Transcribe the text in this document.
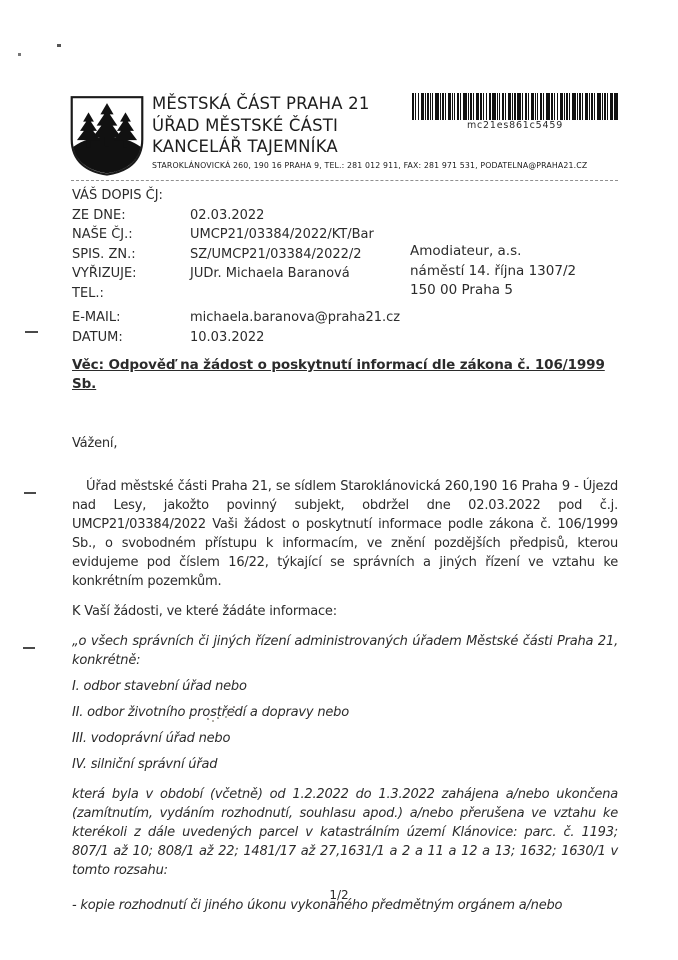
MĚSTSKÁ ČÁST PRAHA 21
ÚŘAD MĚSTSKÉ ČÁSTI
KANCELÁŘ TAJEMNÍKA
STAROKLÁNOVICKÁ 260, 190 16 PRAHA 9, TEL.: 281 012 911, FAX: 281 971 531, PODATELNA@PRAHA21.CZ
mc21es861c5459
VÁŠ DOPIS ČJ:
ZE DNE:	02.03.2022
NAŠE ČJ.:	UMCP21/03384/2022/KT/Bar
SPIS. ZN.:	SZ/UMCP21/03384/2022/2
VYŘIZUJE:	JUDr. Michaela Baranová
TEL.:
E-MAIL:	michaela.baranova@praha21.cz
DATUM:	10.03.2022
Amodiateur, a.s.
náměstí 14. října 1307/2
150 00 Praha 5
Věc: Odpověď na žádost o poskytnutí informací dle zákona č. 106/1999 Sb.
Vážení,
Úřad městské části Praha 21, se sídlem Staroklánovická 260,190 16 Praha 9 - Újezd nad Lesy, jakožto povinný subjekt, obdržel dne 02.03.2022 pod č.j. UMCP21/03384/2022 Vaši žádost o poskytnutí informace podle zákona č. 106/1999 Sb., o svobodném přístupu k informacím, ve znění pozdějších předpisů, kterou evidujeme pod číslem 16/22, týkající se správních a jiných řízení ve vztahu ke konkrétním pozemkům.
K Vaší žádosti, ve které žádáte informace:
„o všech správních či jiných řízení administrovaných úřadem Městské části Praha 21, konkrétně:
I. odbor stavební úřad nebo
II. odbor životního prostředí a dopravy nebo
III. vodoprávní úřad nebo
IV. silniční správní úřad
která byla v období (včetně) od 1.2.2022 do 1.3.2022 zahájena a/nebo ukončena (zamítnutím, vydáním rozhodnutí, souhlasu apod.) a/nebo přerušena ve vztahu ke kterékoli z dále uvedených parcel v katastrálním území Klánovice: parc. č. 1193; 807/1 až 10; 808/1 až 22; 1481/17 až 27,1631/1 a 2 a 11 a 12 a 13; 1632; 1630/1 v tomto rozsahu:
- kopie rozhodnutí či jiného úkonu vykonaného předmětným orgánem a/nebo
1/2
